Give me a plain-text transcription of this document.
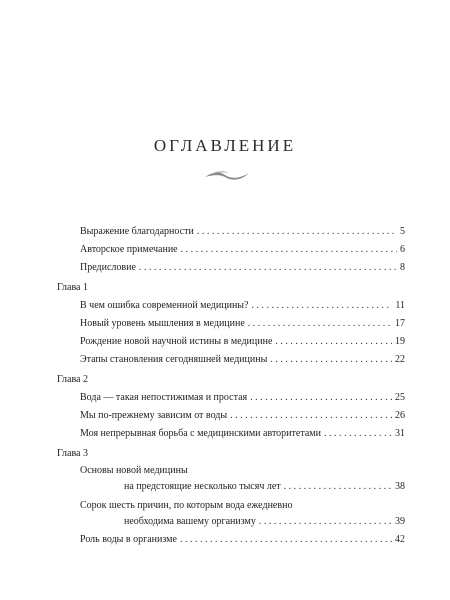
ОГЛАВЛЕНИЕ
Выражение благодарности . . .	5
Авторское примечание . . .	6
Предисловие . . .	8
Глава 1
В чем ошибка современной медицины? . . .	11
Новый уровень мышления в медицине . . .	17
Рождение новой научной истины в медицине . . .	19
Этапы становления сегодняшней медицины . . .	22
Глава 2
Вода — такая непостижимая и простая . . .	25
Мы по-прежнему зависим от воды . . .	26
Моя непрерывная борьба с медицинскими авторитетами . . .	31
Глава 3
Основы новой медицины
на предстоящие несколько тысяч лет . . .	38
Сорок шесть причин, по которым вода ежедневно
необходима вашему организму . . .	39
Роль воды в организме . . .	42
